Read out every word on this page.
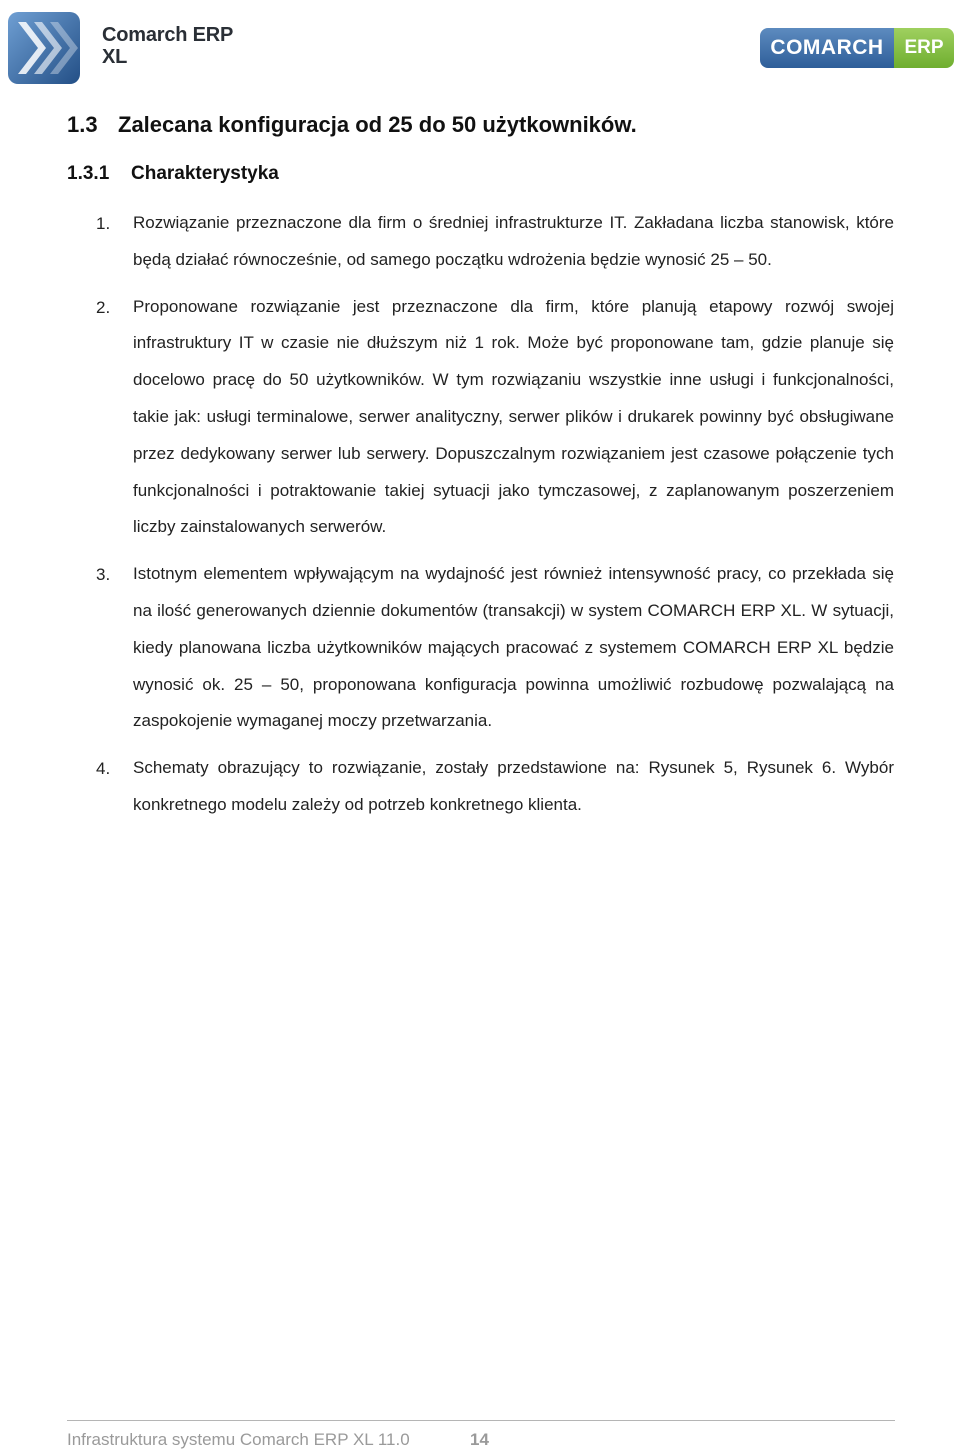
Comarch ERP
XL	COMARCH	ERP
1.3 Zalecana konfiguracja od 25 do 50 użytkowników.
1.3.1 Charakterystyka
1.	Rozwiązanie przeznaczone dla firm o średniej infrastrukturze IT. Zakładana liczba stanowisk, które będą działać równocześnie, od samego początku wdrożenia będzie wynosić 25 – 50.
2.	Proponowane rozwiązanie jest przeznaczone dla firm, które planują etapowy rozwój swojej infrastruktury IT w czasie nie dłuższym niż 1 rok. Może być proponowane tam, gdzie planuje się docelowo pracę do 50 użytkowników. W tym rozwiązaniu wszystkie inne usługi i funkcjonalności, takie jak: usługi terminalowe, serwer analityczny, serwer plików i drukarek powinny być obsługiwane przez dedykowany serwer lub serwery. Dopuszczalnym rozwiązaniem jest czasowe połączenie tych funkcjonalności i potraktowanie takiej sytuacji jako tymczasowej, z zaplanowanym poszerzeniem liczby zainstalowanych serwerów.
3.	Istotnym elementem wpływającym na wydajność jest również intensywność pracy, co przekłada się na ilość generowanych dziennie dokumentów (transakcji) w system COMARCH ERP XL. W sytuacji, kiedy planowana liczba użytkowników mających pracować z systemem COMARCH ERP XL będzie wynosić ok. 25 – 50, proponowana konfiguracja powinna umożliwić rozbudowę pozwalającą na zaspokojenie wymaganej moczy przetwarzania.
4.	Schematy obrazujący to rozwiązanie, zostały przedstawione na: Rysunek 5, Rysunek 6. Wybór konkretnego modelu zależy od potrzeb konkretnego klienta.
Infrastruktura systemu Comarch ERP XL 11.0	14
